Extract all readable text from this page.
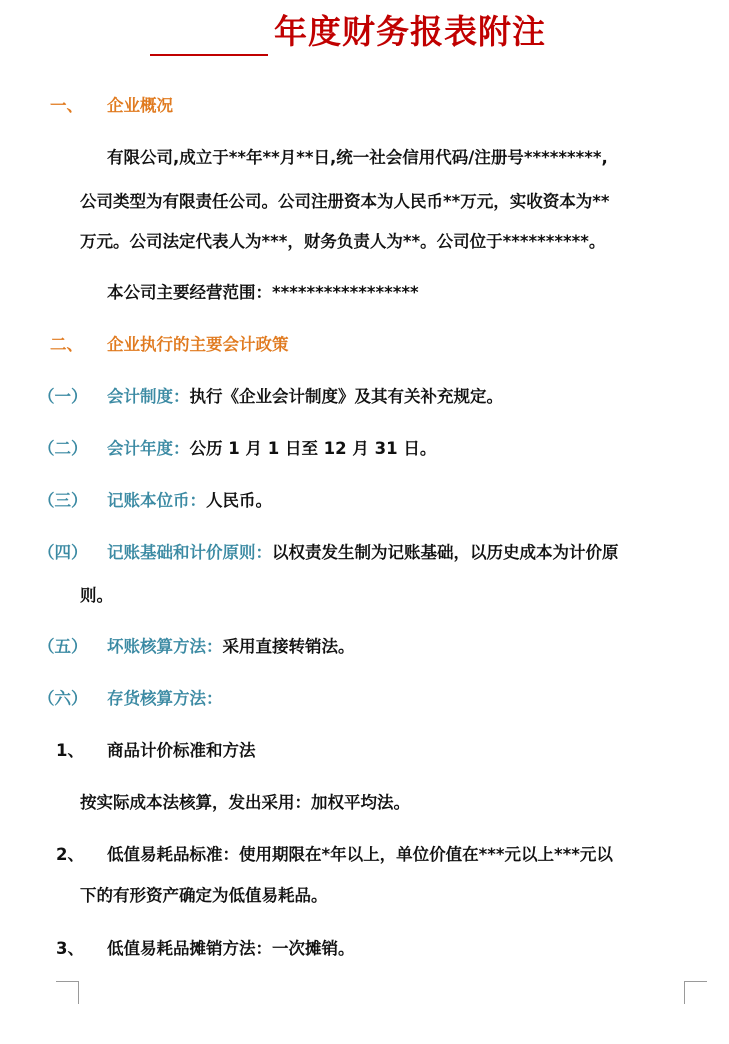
年度财务报表附注
一、 企业概况
有限公司,成立于**年**月**日,统一社会信用代码/注册号*********,
公司类型为有限责任公司。公司注册资本为人民币**万元，实收资本为**
万元。公司法定代表人为***，财务负责人为**。公司位于**********。
本公司主要经营范围：*****************
二、 企业执行的主要会计政策
（一） 会计制度：执行《企业会计制度》及其有关补充规定。
（二） 会计年度：公历 1 月 1 日至 12 月 31 日。
（三） 记账本位币：人民币。
（四） 记账基础和计价原则：以权责发生制为记账基础，以历史成本为计价原
则。
（五） 坏账核算方法：采用直接转销法。
（六） 存货核算方法：
1、 商品计价标准和方法
按实际成本法核算，发出采用：加权平均法。
2、 低值易耗品标准：使用期限在*年以上，单位价值在***元以上***元以
下的有形资产确定为低值易耗品。
3、 低值易耗品摊销方法：一次摊销。
